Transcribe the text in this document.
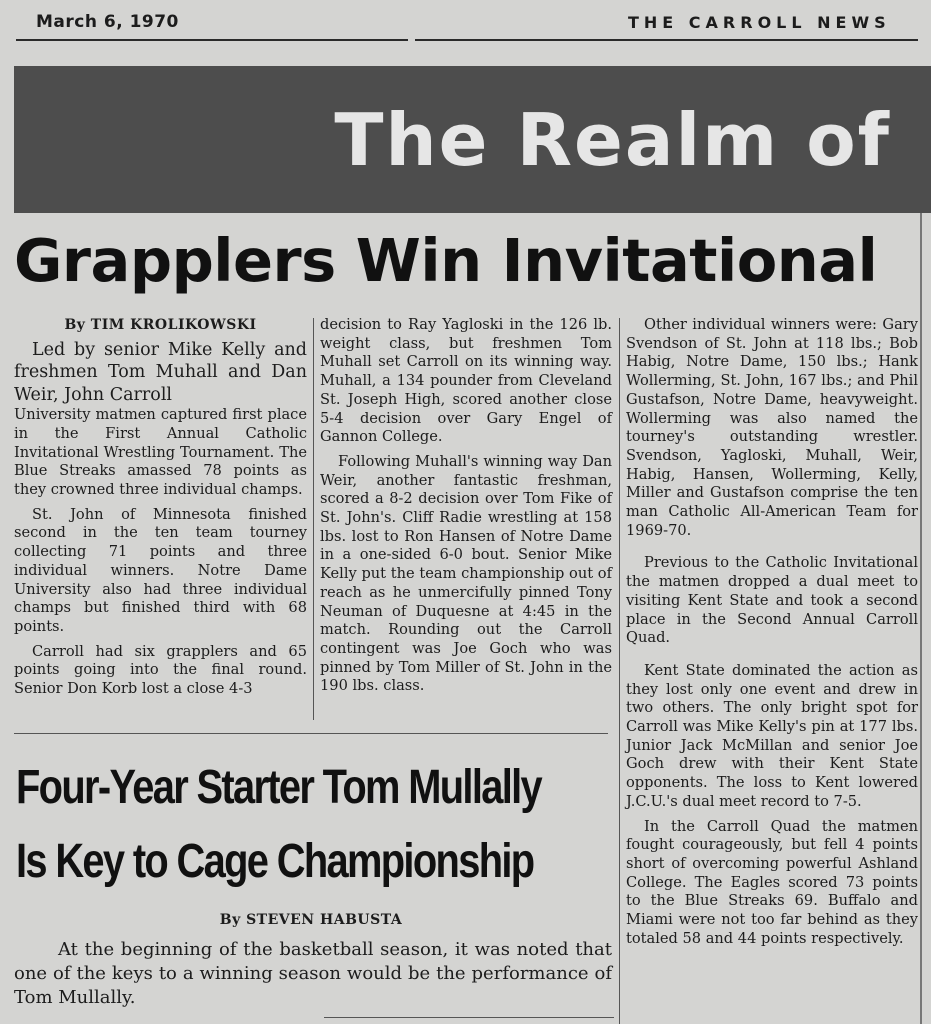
March 6, 1970	THE CARROLL NEWS
The Realm of
Grapplers Win Invitational
By TIM KROLIKOWSKI

Led by senior Mike Kelly and freshmen Tom Muhall and Dan Weir, John Carroll

University matmen captured first place in the First Annual Catholic Invitational Wrestling Tournament. The Blue Streaks amassed 78 points as they crowned three individual champs.

St. John of Minnesota finished second in the ten team tourney collecting 71 points and three individual winners. Notre Dame University also had three individual champs but finished third with 68 points.

Carroll had six grapplers and 65 points going into the final round. Senior Don Korb lost a close 4-3

decision to Ray Yagloski in the 126 lb. weight class, but freshmen Tom Muhall set Carroll on its winning way. Muhall, a 134 pounder from Cleveland St. Joseph High, scored another close 5-4 decision over Gary Engel of Gannon College.

Following Muhall's winning way Dan Weir, another fantastic freshman, scored a 8-2 decision over Tom Fike of St. John's. Cliff Radie wrestling at 158 lbs. lost to Ron Hansen of Notre Dame in a one-sided 6-0 bout. Senior Mike Kelly put the team championship out of reach as he unmercifully pinned Tony Neuman of Duquesne at 4:45 in the match. Rounding out the Carroll contingent was Joe Goch who was pinned by Tom Miller of St. John in the 190 lbs. class.

Other individual winners were: Gary Svendson of St. John at 118 lbs.; Bob Habig, Notre Dame, 150 lbs.; Hank Wollerming, St. John, 167 lbs.; and Phil Gustafson, Notre Dame, heavyweight. Wollerming was also named the tourney's outstanding wrestler. Svendson, Yagloski, Muhall, Weir, Habig, Hansen, Wollerming, Kelly, Miller and Gustafson comprise the ten man Catholic All-American Team for 1969-70.

Previous to the Catholic Invitational the matmen dropped a dual meet to visiting Kent State and took a second place in the Second Annual Carroll Quad.

Kent State dominated the action as they lost only one event and drew in two others. The only bright spot for Carroll was Mike Kelly's pin at 177 lbs. Junior Jack McMillan and senior Joe Goch drew with their Kent State opponents. The loss to Kent lowered J.C.U.'s dual meet record to 7-5.

In the Carroll Quad the matmen fought courageously, but fell 4 points short of overcoming powerful Ashland College. The Eagles scored 73 points to the Blue Streaks 69. Buffalo and Miami were not too far behind as they totaled 58 and 44 points respectively.

Four-Year Starter Tom Mullally
Is Key to Cage Championship
By STEVEN HABUSTA

At the beginning of the basketball season, it was noted that one of the keys to a winning season would be the performance of Tom Mullally.
